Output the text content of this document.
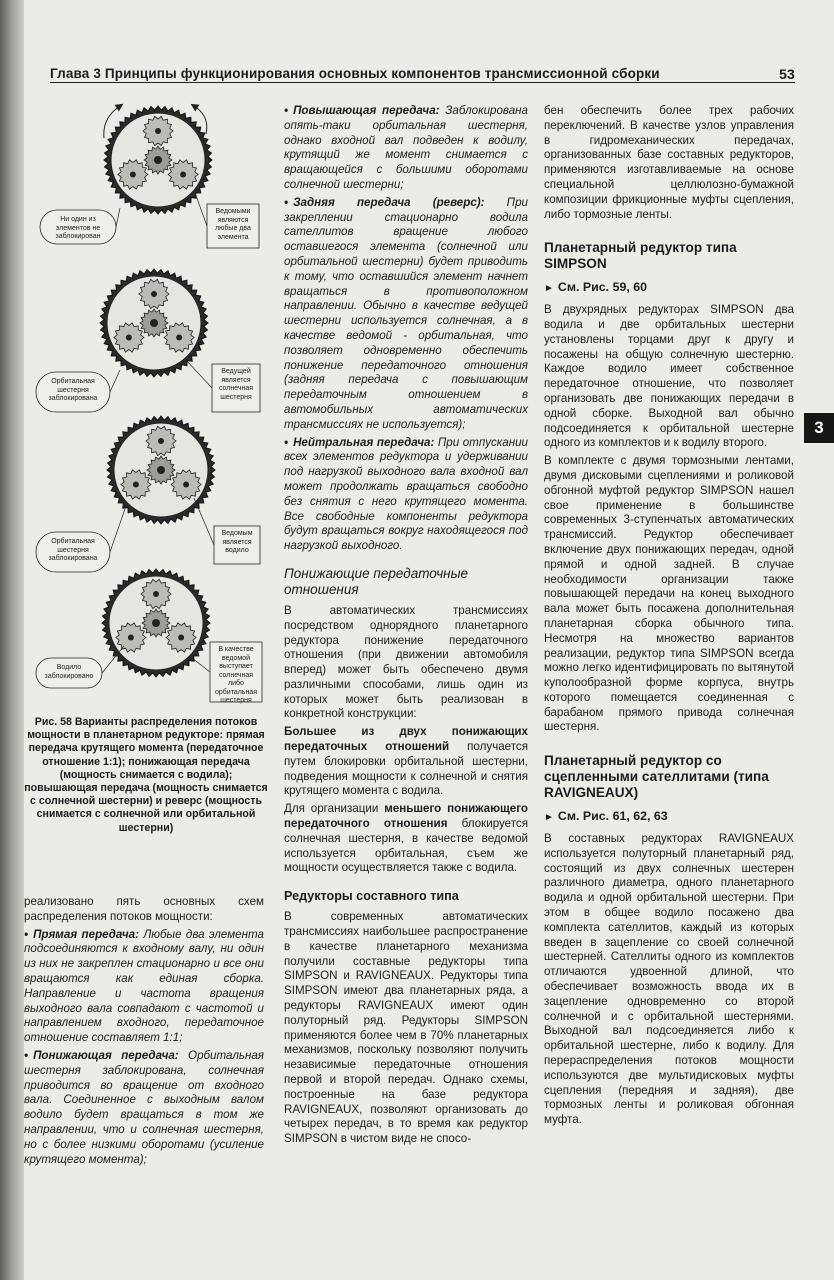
Глава 3 Принципы функционирования основных компонентов трансмиссионной сборки	53
3
Ни один из элементов не заблокирован
Ведомыми являются любые два элемента
Орбитальная шестерня заблокирована
Ведущей является солнечная шестерня
Орбитальная шестерня заблокирована
Ведомым является водило
Водило заблокировано
В качестве ведомой выступает солнечная либо орбитальная шестерня
Рис. 58 Варианты распределения потоков мощности в планетарном редукторе: прямая передача крутящего момента (передаточное отношение 1:1); понижающая передача (мощность снимается с водила); повышающая передача (мощность снимается с солнечной шестерни) и реверс (мощность снимается с солнечной или орбитальной шестерни)

реализовано пять основных схем распределения потоков мощности:

• Прямая передача: Любые два элемента подсоединяются к входному валу, ни один из них не закреплен стационарно и все они вращаются как единая сборка. Направление и частота вращения выходного вала совпадают с частотой и направлением входного, передаточное отношение составляет 1:1;

• Понижающая передача: Орбитальная шестерня заблокирована, солнечная приводится во вращение от входного вала. Соединенное с выходным валом водило будет вращаться в том же направлении, что и солнечная шестерня, но с более низкими оборотами (усиление крутящего момента);

• Повышающая передача: Заблокирована опять-таки орбитальная шестерня, однако входной вал подведен к водилу, крутящий же момент снимается с вращающейся с большими оборотами солнечной шестерни;

• Задняя передача (реверс): При закреплении стационарно водила сателлитов вращение любого оставшегося элемента (солнечной или орбитальной шестерни) будет приводить к тому, что оставшийся элемент начнет вращаться в противоположном направлении. Обычно в качестве ведущей шестерни используется солнечная, а в качестве ведомой - орбитальная, что позволяет одновременно обеспечить понижение передаточного отношения (задняя передача с повышающим передаточным отношением в автомобильных автоматических трансмиссиях не используется);

• Нейтральная передача: При отпускании всех элементов редуктора и удерживании под нагрузкой выходного вала входной вал может продолжать вращаться свободно без снятия с него крутящего момента. Все свободные компоненты редуктора будут вращаться вокруг находящегося под нагрузкой выходного.

Понижающие передаточные отношения

В автоматических трансмиссиях посредством однорядного планетарного редуктора понижение передаточного отношения (при движении автомобиля вперед) может быть обеспечено двумя различными способами, лишь один из которых может быть реализован в конкретной конструкции:

Большее из двух понижающих передаточных отношений получается путем блокировки орбитальной шестерни, подведения мощности к солнечной и снятия крутящего момента с водила.

Для организации меньшего понижающего передаточного отношения блокируется солнечная шестерня, в качестве ведомой используется орбитальная, съем же мощности осуществляется также с водила.

Редукторы составного типа

В современных автоматических трансмиссиях наибольшее распространение в качестве планетарного механизма получили составные редукторы типа SIMPSON и RAVIGNEAUX. Редукторы типа SIMPSON имеют два планетарных ряда, а редукторы RAVIGNEAUX имеют один полуторный ряд. Редукторы SIMPSON применяются более чем в 70% планетарных механизмов, поскольку позволяют получить независимые передаточные отношения первой и второй передач. Однако схемы, построенные на базе редуктора RAVIGNEAUX, позволяют организовать до четырех передач, в то время как редуктор SIMPSON в чистом виде не спосо-

бен обеспечить более трех рабочих переключений. В качестве узлов управления в гидромеханических передачах, организованных базе составных редукторов, применяются изготавливаемые на основе специальной целлюлозно-бумажной композиции фрикционные муфты сцепления, либо тормозные ленты.

Планетарный редуктор типа SIMPSON
► См. Рис. 59, 60

В двухрядных редукторах SIMPSON два водила и две орбитальных шестерни установлены торцами друг к другу и посажены на общую солнечную шестерню. Каждое водило имеет собственное передаточное отношение, что позволяет организовать две понижающих передачи в одной сборке. Выходной вал обычно подсоединяется к орбитальной шестерне одного из комплектов и к водилу второго.

В комплекте с двумя тормозными лентами, двумя дисковыми сцеплениями и роликовой обгонной муфтой редуктор SIMPSON нашел свое применение в большинстве современных 3-ступенчатых автоматических трансмиссий. Редуктор обеспечивает включение двух понижающих передач, одной прямой и одной задней. В случае необходимости организации также повышающей передачи на конец выходного вала может быть посажена дополнительная планетарная сборка обычного типа. Несмотря на множество вариантов реализации, редуктор типа SIMPSON всегда можно легко идентифицировать по вытянутой куполообразной форме корпуса, внутрь которого помещается соединенная с барабаном прямого привода солнечная шестерня.

Планетарный редуктор со сцепленными сателлитами (типа RAVIGNEAUX)
► См. Рис. 61, 62, 63

В составных редукторах RAVIGNEAUX используется полуторный планетарный ряд, состоящий из двух солнечных шестерен различного диаметра, одного планетарного водила и одной орбитальной шестерни. При этом в общее водило посажено два комплекта сателлитов, каждый из которых введен в зацепление со своей солнечной шестерней. Сателлиты одного из комплектов отличаются удвоенной длиной, что обеспечивает возможность ввода их в зацепление одновременно со второй солнечной и с орбитальной шестернями. Выходной вал подсоединяется либо к орбитальной шестерне, либо к водилу. Для перераспределения потоков мощности используются две мультидисковых муфты сцепления (передняя и задняя), две тормозных ленты и роликовая обгонная муфта.
